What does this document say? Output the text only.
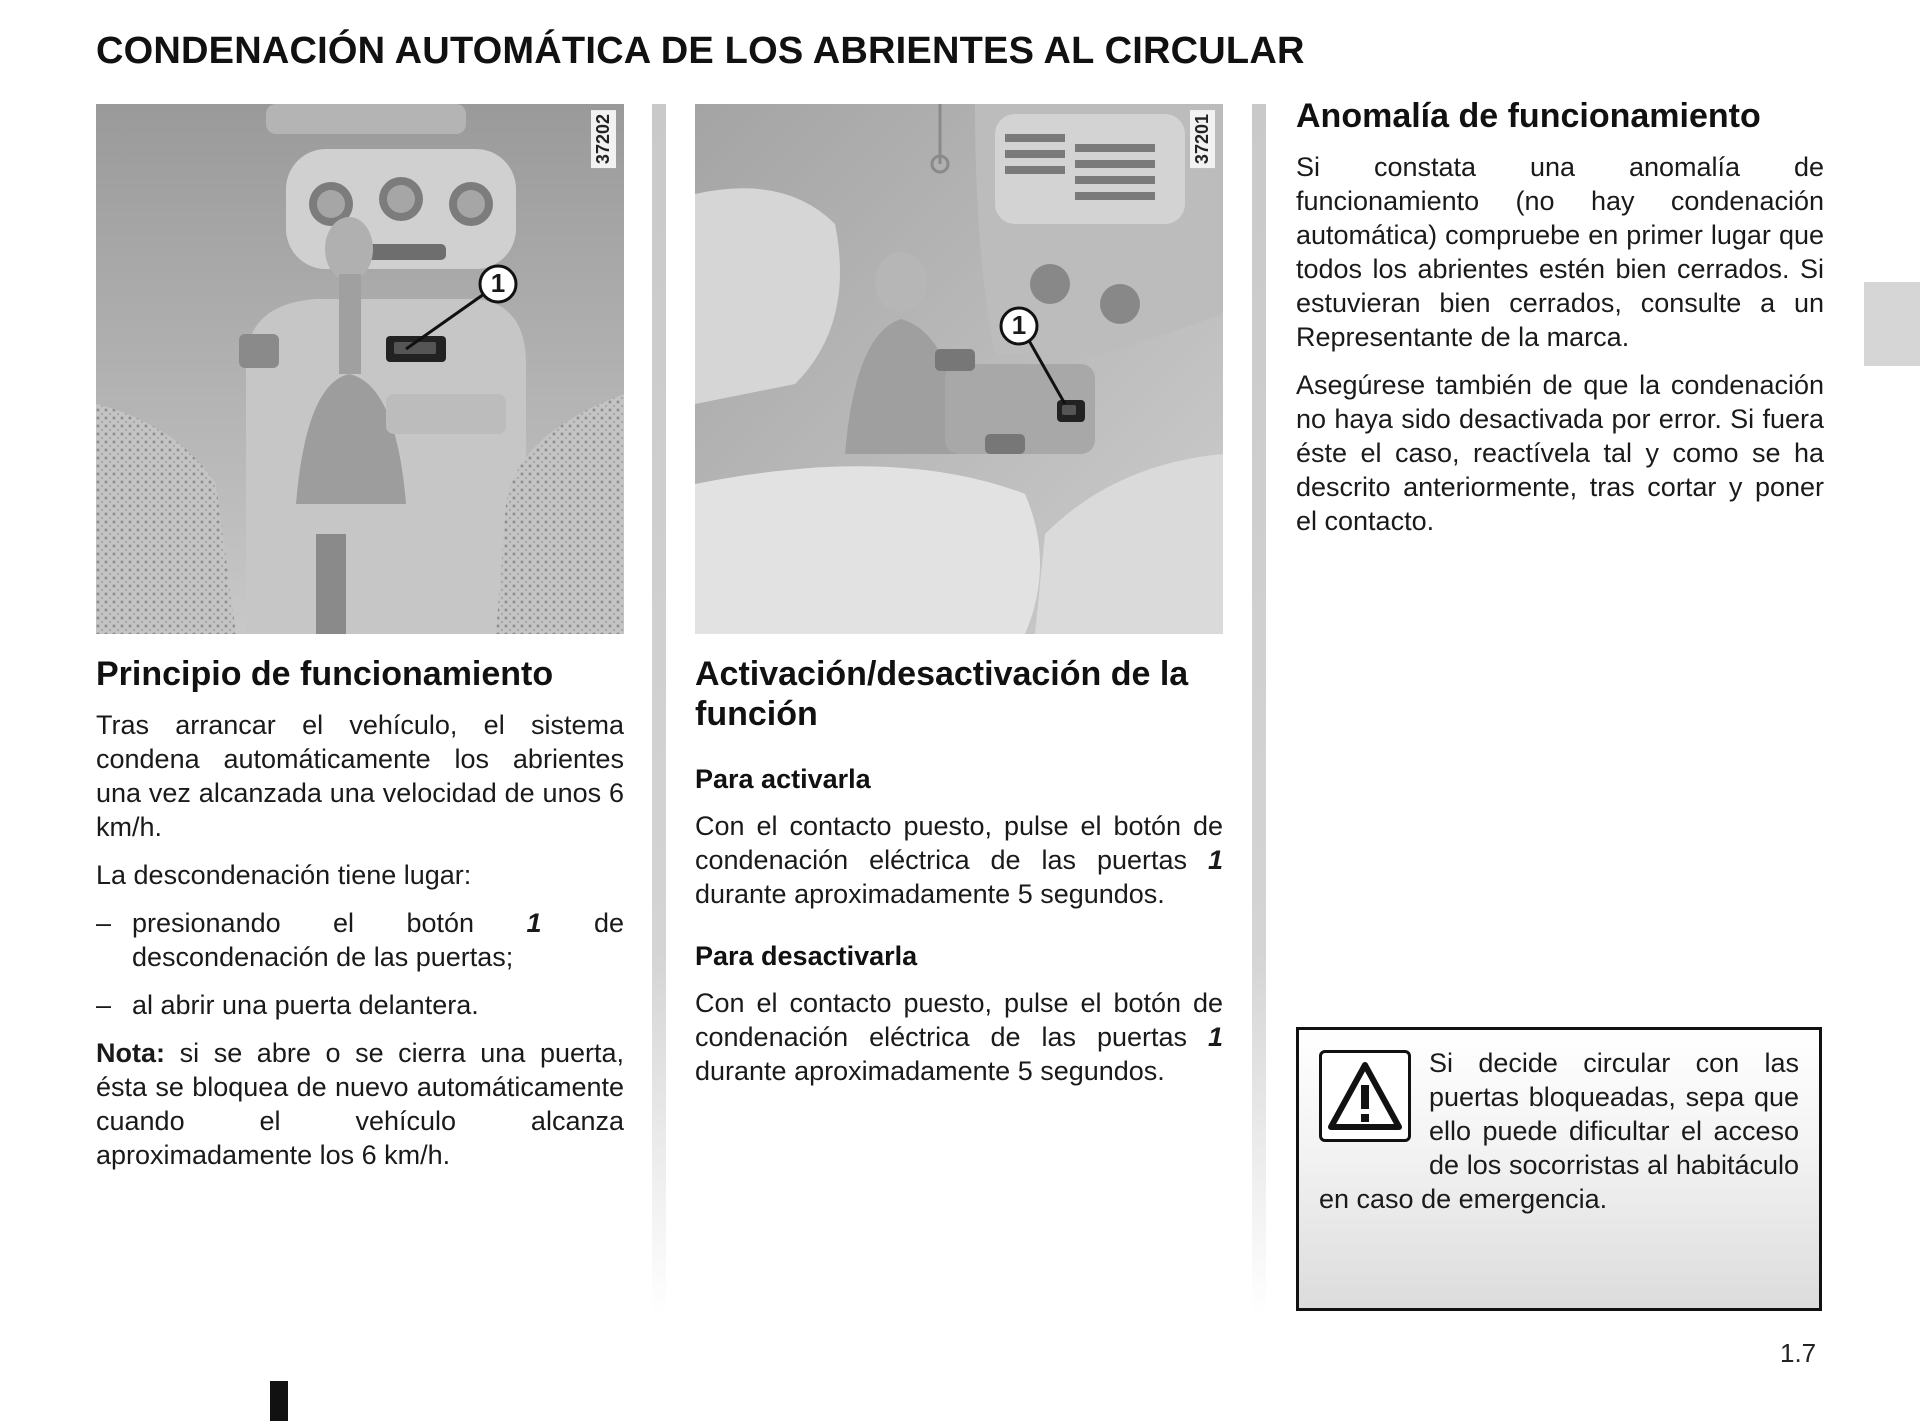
CONDENACIÓN AUTOMÁTICA DE LOS ABRIENTES AL CIRCULAR
1
37202
Principio de funcionamiento

Tras arrancar el vehículo, el sistema condena automáticamente los abrientes una vez alcanzada una velocidad de unos 6 km/h.

La descondenación tiene lugar:

– presionando el botón 1 de descondenación de las puertas;
– al abrir una puerta delantera.

Nota: si se abre o se cierra una puerta, ésta se bloquea de nuevo automáticamente cuando el vehículo alcanza aproximadamente los 6 km/h.

1
37201
Activación/desactivación de la función
Para activarla

Con el contacto puesto, pulse el botón de condenación eléctrica de las puertas 1 durante aproximadamente 5 segundos.

Para desactivarla

Con el contacto puesto, pulse el botón de condenación eléctrica de las puertas 1 durante aproximadamente 5 segundos.

Anomalía de funcionamiento

Si constata una anomalía de funcionamiento (no hay condenación automática) compruebe en primer lugar que todos los abrientes estén bien cerrados. Si estuvieran bien cerrados, consulte a un Representante de la marca.

Asegúrese también de que la condenación no haya sido desactivada por error. Si fuera éste el caso, reactívela tal y como se ha descrito anteriormente, tras cortar y poner el contacto.

Si decide circular con las puertas bloqueadas, sepa que ello puede dificultar el acceso de los socorristas al habitáculo en caso de emergencia.

1.7
